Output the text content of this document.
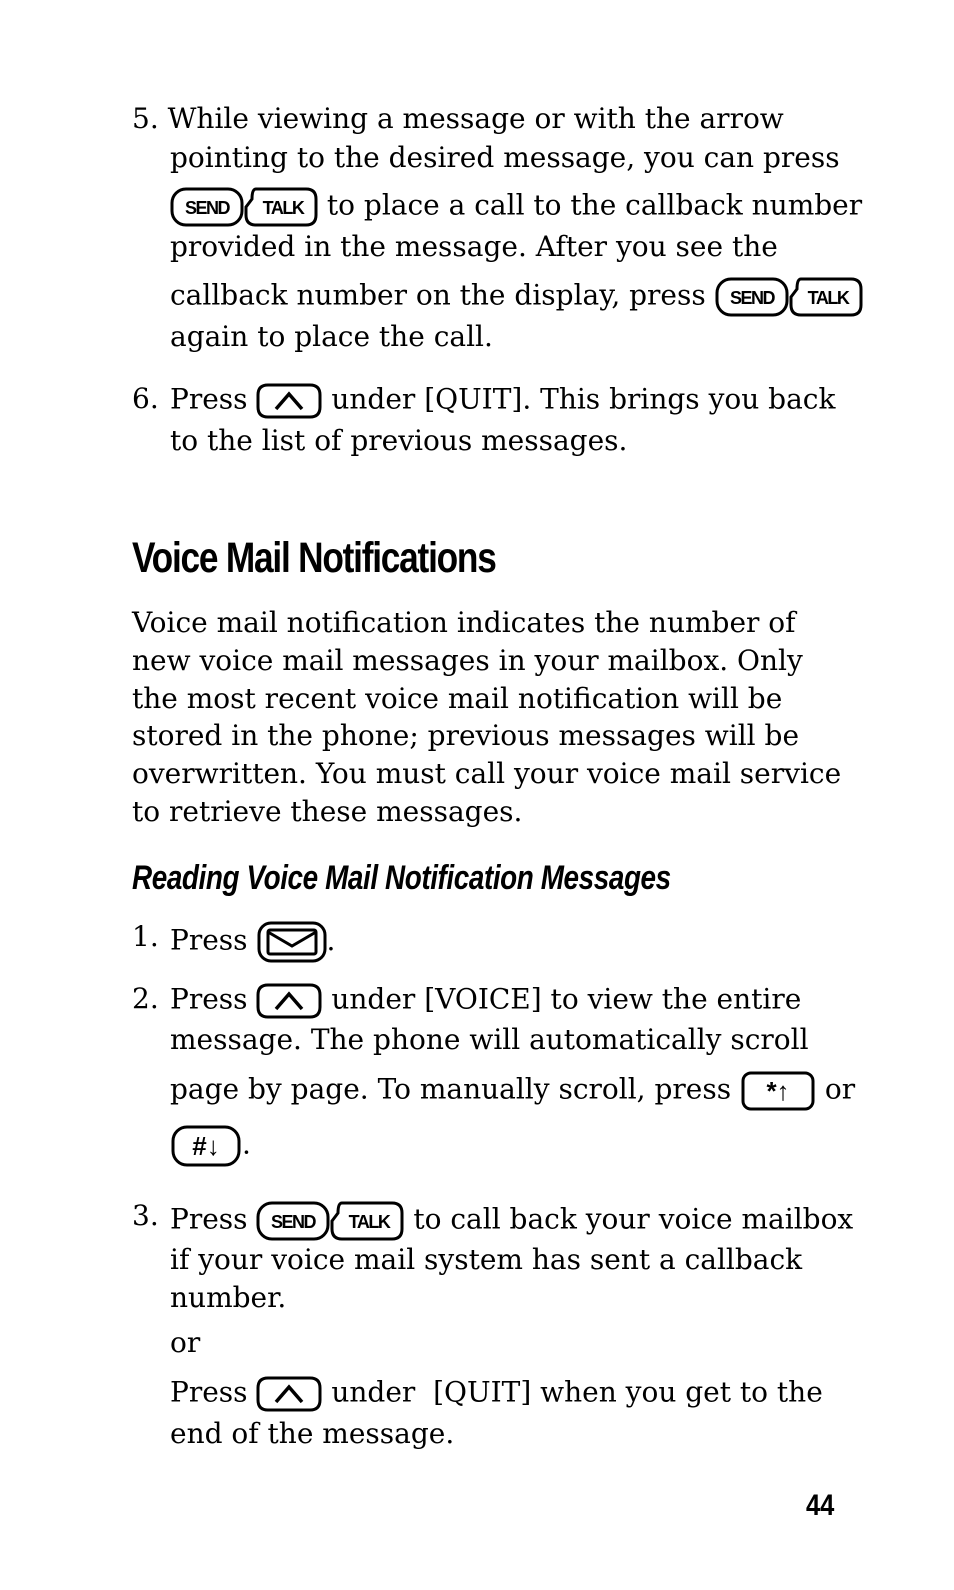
5. While viewing a message or with the arrow
pointing to the desired message, you can press
SEND TALK to place a call to the callback number
provided in the message. After you see the
callback number on the display, press SEND TALK
again to place the call.
6. Press	under [QUIT]. This brings you back
to the list of previous messages.
Voice Mail Notifications

Voice mail notification indicates the number of new voice mail messages in your mailbox. Only the most recent voice mail notification will be stored in the phone; previous messages will be overwritten. You must call your voice mail service to retrieve these messages.

Reading Voice Mail Notification Messages
1. Press	.
2. Press	under [VOICE] to view the entire
message. The phone will automatically scroll
page by page. To manually scroll, press *↑ or
#↓ .
3. Press SEND TALK to call back your voice mailbox
if your voice mail system has sent a callback
number.
or
Press	under  [QUIT] when you get to the
end of the message.
44
